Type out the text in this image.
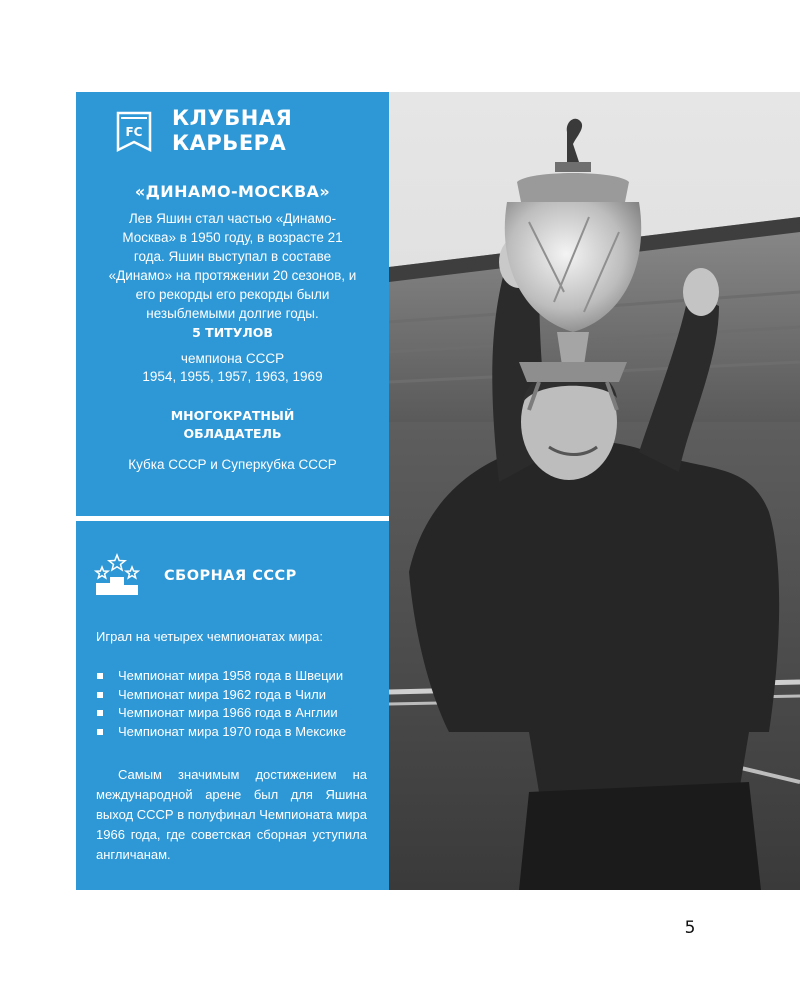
FC
КЛУБНАЯ
КАРЬЕРА
«ДИНАМО-МОСКВА»
Лев Яшин стал частью «Динамо-Москва» в 1950 году, в возрасте 21 года. Яшин выступал в составе «Динамо» на протяжении 20 сезонов, и его рекорды его рекорды были незыблемыми долгие годы.
5 ТИТУЛОВ
чемпиона СССР
1954, 1955, 1957, 1963, 1969
МНОГОКРАТНЫЙ
ОБЛАДАТЕЛЬ
Кубка СССР и Суперкубка СССР
СБОРНАЯ СССР
Играл на четырех чемпионатах мира:
Чемпионат мира 1958 года в Швеции
Чемпионат мира 1962 года в Чили
Чемпионат мира 1966 года в Англии
Чемпионат мира 1970 года в Мексике
Самым значимым достижением на международной арене был для Яшина выход СССР в полуфинал Чемпионата мира 1966 года, где советская сборная уступила англичанам.
5
